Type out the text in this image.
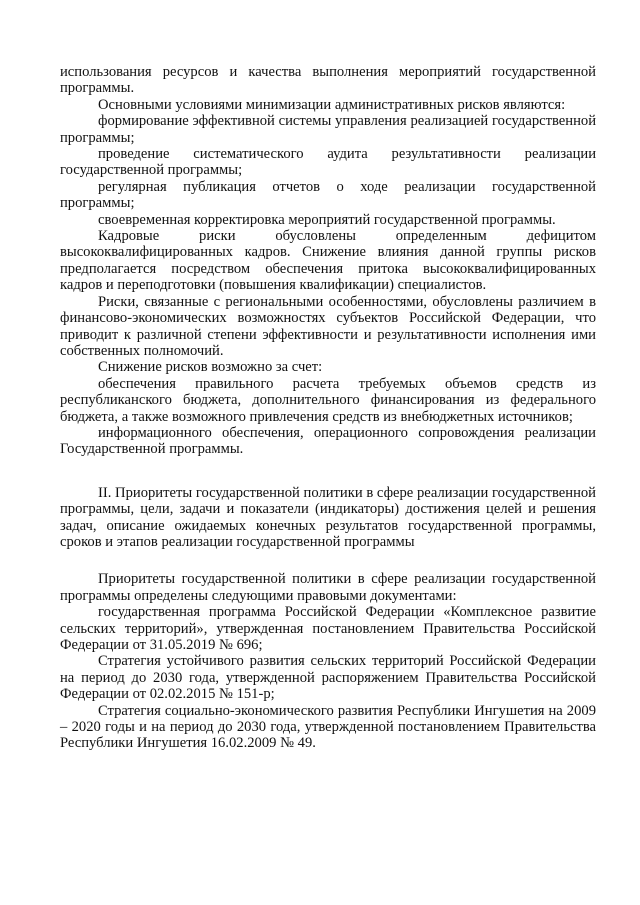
использования ресурсов и качества выполнения мероприятий государственной программы.

Основными условиями минимизации административных рисков являются:

формирование эффективной системы управления реализацией государственной программы;

проведение систематического аудита результативности реализации государственной программы;

регулярная публикация отчетов о ходе реализации государственной программы;

своевременная корректировка мероприятий государственной программы.

Кадровые риски обусловлены определенным дефицитом высококвалифицированных кадров. Снижение влияния данной группы рисков предполагается посредством обеспечения притока высококвалифицированных кадров и переподготовки (повышения квалификации) специалистов.

Риски, связанные с региональными особенностями, обусловлены различием в финансово-экономических возможностях субъектов Российской Федерации, что приводит к различной степени эффективности и результативности исполнения ими собственных полномочий.

Снижение рисков возможно за счет:

обеспечения правильного расчета требуемых объемов средств из республиканского бюджета, дополнительного финансирования из федерального бюджета, а также возможного привлечения средств из внебюджетных источников;

информационного обеспечения, операционного сопровождения реализации Государственной программы.

II. Приоритеты государственной политики в сфере реализации государственной программы, цели, задачи и показатели (индикаторы) достижения целей и решения задач, описание ожидаемых конечных результатов государственной программы, сроков и этапов реализации государственной программы

Приоритеты государственной политики в сфере реализации государственной программы определены следующими правовыми документами:

государственная программа Российской Федерации «Комплексное развитие сельских территорий», утвержденная постановлением Правительства Российской Федерации от 31.05.2019 № 696;

Стратегия устойчивого развития сельских территорий Российской Федерации на период до 2030 года, утвержденной распоряжением Правительства Российской Федерации от 02.02.2015 № 151-р;

Стратегия социально-экономического развития Республики Ингушетия на 2009 – 2020 годы и на период до 2030 года, утвержденной постановлением Правительства Республики Ингушетия 16.02.2009 № 49.
